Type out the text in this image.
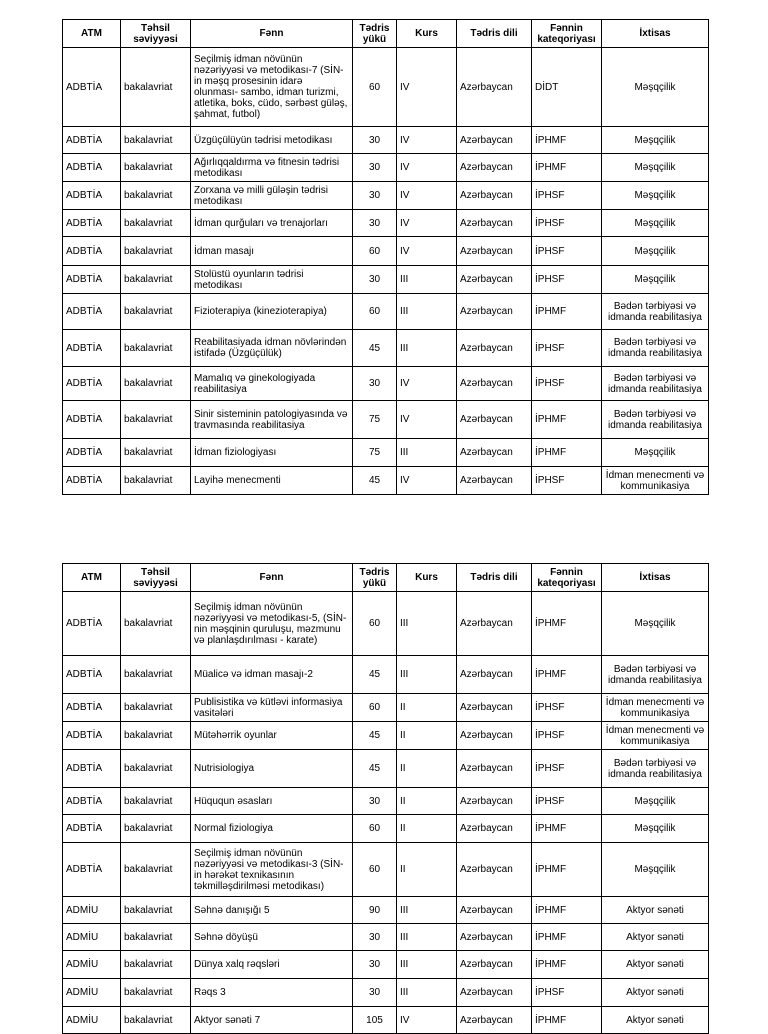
ATM	Təhsil səviyyəsi	Fənn	Tədris yükü	Kurs	Tədris dili	Fənnin kateqoriyası	İxtisas
ADBTİA	bakalavriat	Seçilmiş idman növünün nəzəriyyəsi və metodikası-7 (SİN-in məşq prosesinin idarə olunması- sambo, idman turizmi, atletika, boks, cüdo, sərbəst güləş, şahmat, futbol)	60	IV	Azərbaycan	DİDT	Məşqçilik
ADBTİA	bakalavriat	Üzgüçülüyün tədrisi metodikası	30	IV	Azərbaycan	İPHMF	Məşqçilik
ADBTİA	bakalavriat	Ağırlıqqaldırma və fitnesin tədrisi metodikası	30	IV	Azərbaycan	İPHMF	Məşqçilik
ADBTİA	bakalavriat	Zorxana və milli güləşin tədrisi metodikası	30	IV	Azərbaycan	İPHSF	Məşqçilik
ADBTİA	bakalavriat	İdman qurğuları və trenajorları	30	IV	Azərbaycan	İPHSF	Məşqçilik
ADBTİA	bakalavriat	İdman masajı	60	IV	Azərbaycan	İPHSF	Məşqçilik
ADBTİA	bakalavriat	Stolüstü oyunların tədrisi metodikası	30	III	Azərbaycan	İPHSF	Məşqçilik
ADBTİA	bakalavriat	Fizioterapiya (kinezioterapiya)	60	III	Azərbaycan	İPHMF	Bədən tərbiyəsi və idmanda reabilitasiya
ADBTİA	bakalavriat	Reabilitasiyada idman növlərindən istifadə (Üzgüçülük)	45	III	Azərbaycan	İPHSF	Bədən tərbiyəsi və idmanda reabilitasiya
ADBTİA	bakalavriat	Mamalıq və ginekologiyada reabilitasiya	30	IV	Azərbaycan	İPHSF	Bədən tərbiyəsi və idmanda reabilitasiya
ADBTİA	bakalavriat	Sinir sisteminin patologiyasında və travmasında reabilitasiya	75	IV	Azərbaycan	İPHMF	Bədən tərbiyəsi və idmanda reabilitasiya
ADBTİA	bakalavriat	İdman fiziologiyası	75	III	Azərbaycan	İPHMF	Məşqçilik
ADBTİA	bakalavriat	Layihə menecmenti	45	IV	Azərbaycan	İPHSF	İdman menecmenti və kommunikasiya
ATM	Təhsil səviyyəsi	Fənn	Tədris yükü	Kurs	Tədris dili	Fənnin kateqoriyası	İxtisas
ADBTİA	bakalavriat	Seçilmiş idman növünün nəzəriyyəsi və metodikası-5, (SİN-nin məşqinin quruluşu, məzmunu və planlaşdırılması - karate)	60	III	Azərbaycan	İPHMF	Məşqçilik
ADBTİA	bakalavriat	Müalicə və idman masajı-2	45	III	Azərbaycan	İPHMF	Bədən tərbiyəsi və idmanda reabilitasiya
ADBTİA	bakalavriat	Publisistika və kütləvi informasiya vasitələri	60	II	Azərbaycan	İPHSF	İdman menecmenti və kommunikasiya
ADBTİA	bakalavriat	Mütəhərrik oyunlar	45	II	Azərbaycan	İPHSF	İdman menecmenti və kommunikasiya
ADBTİA	bakalavriat	Nutrisiologiya	45	II	Azərbaycan	İPHSF	Bədən tərbiyəsi və idmanda reabilitasiya
ADBTİA	bakalavriat	Hüququn əsasları	30	II	Azərbaycan	İPHSF	Məşqçilik
ADBTİA	bakalavriat	Normal fiziologiya	60	II	Azərbaycan	İPHMF	Məşqçilik
ADBTİA	bakalavriat	Seçilmiş idman növünün nəzəriyyəsi və metodikası-3 (SİN-in hərəkət texnikasının təkmilləşdirilməsi metodikası)	60	II	Azərbaycan	İPHMF	Məşqçilik
ADMİU	bakalavriat	Səhnə danışığı 5	90	III	Azərbaycan	İPHMF	Aktyor sənəti
ADMİU	bakalavriat	Səhnə döyüşü	30	III	Azərbaycan	İPHMF	Aktyor sənəti
ADMİU	bakalavriat	Dünya xalq rəqsləri	30	III	Azərbaycan	İPHMF	Aktyor sənəti
ADMİU	bakalavriat	Rəqs 3	30	III	Azərbaycan	İPHSF	Aktyor sənəti
ADMİU	bakalavriat	Aktyor sənəti 7	105	IV	Azərbaycan	İPHMF	Aktyor sənəti
